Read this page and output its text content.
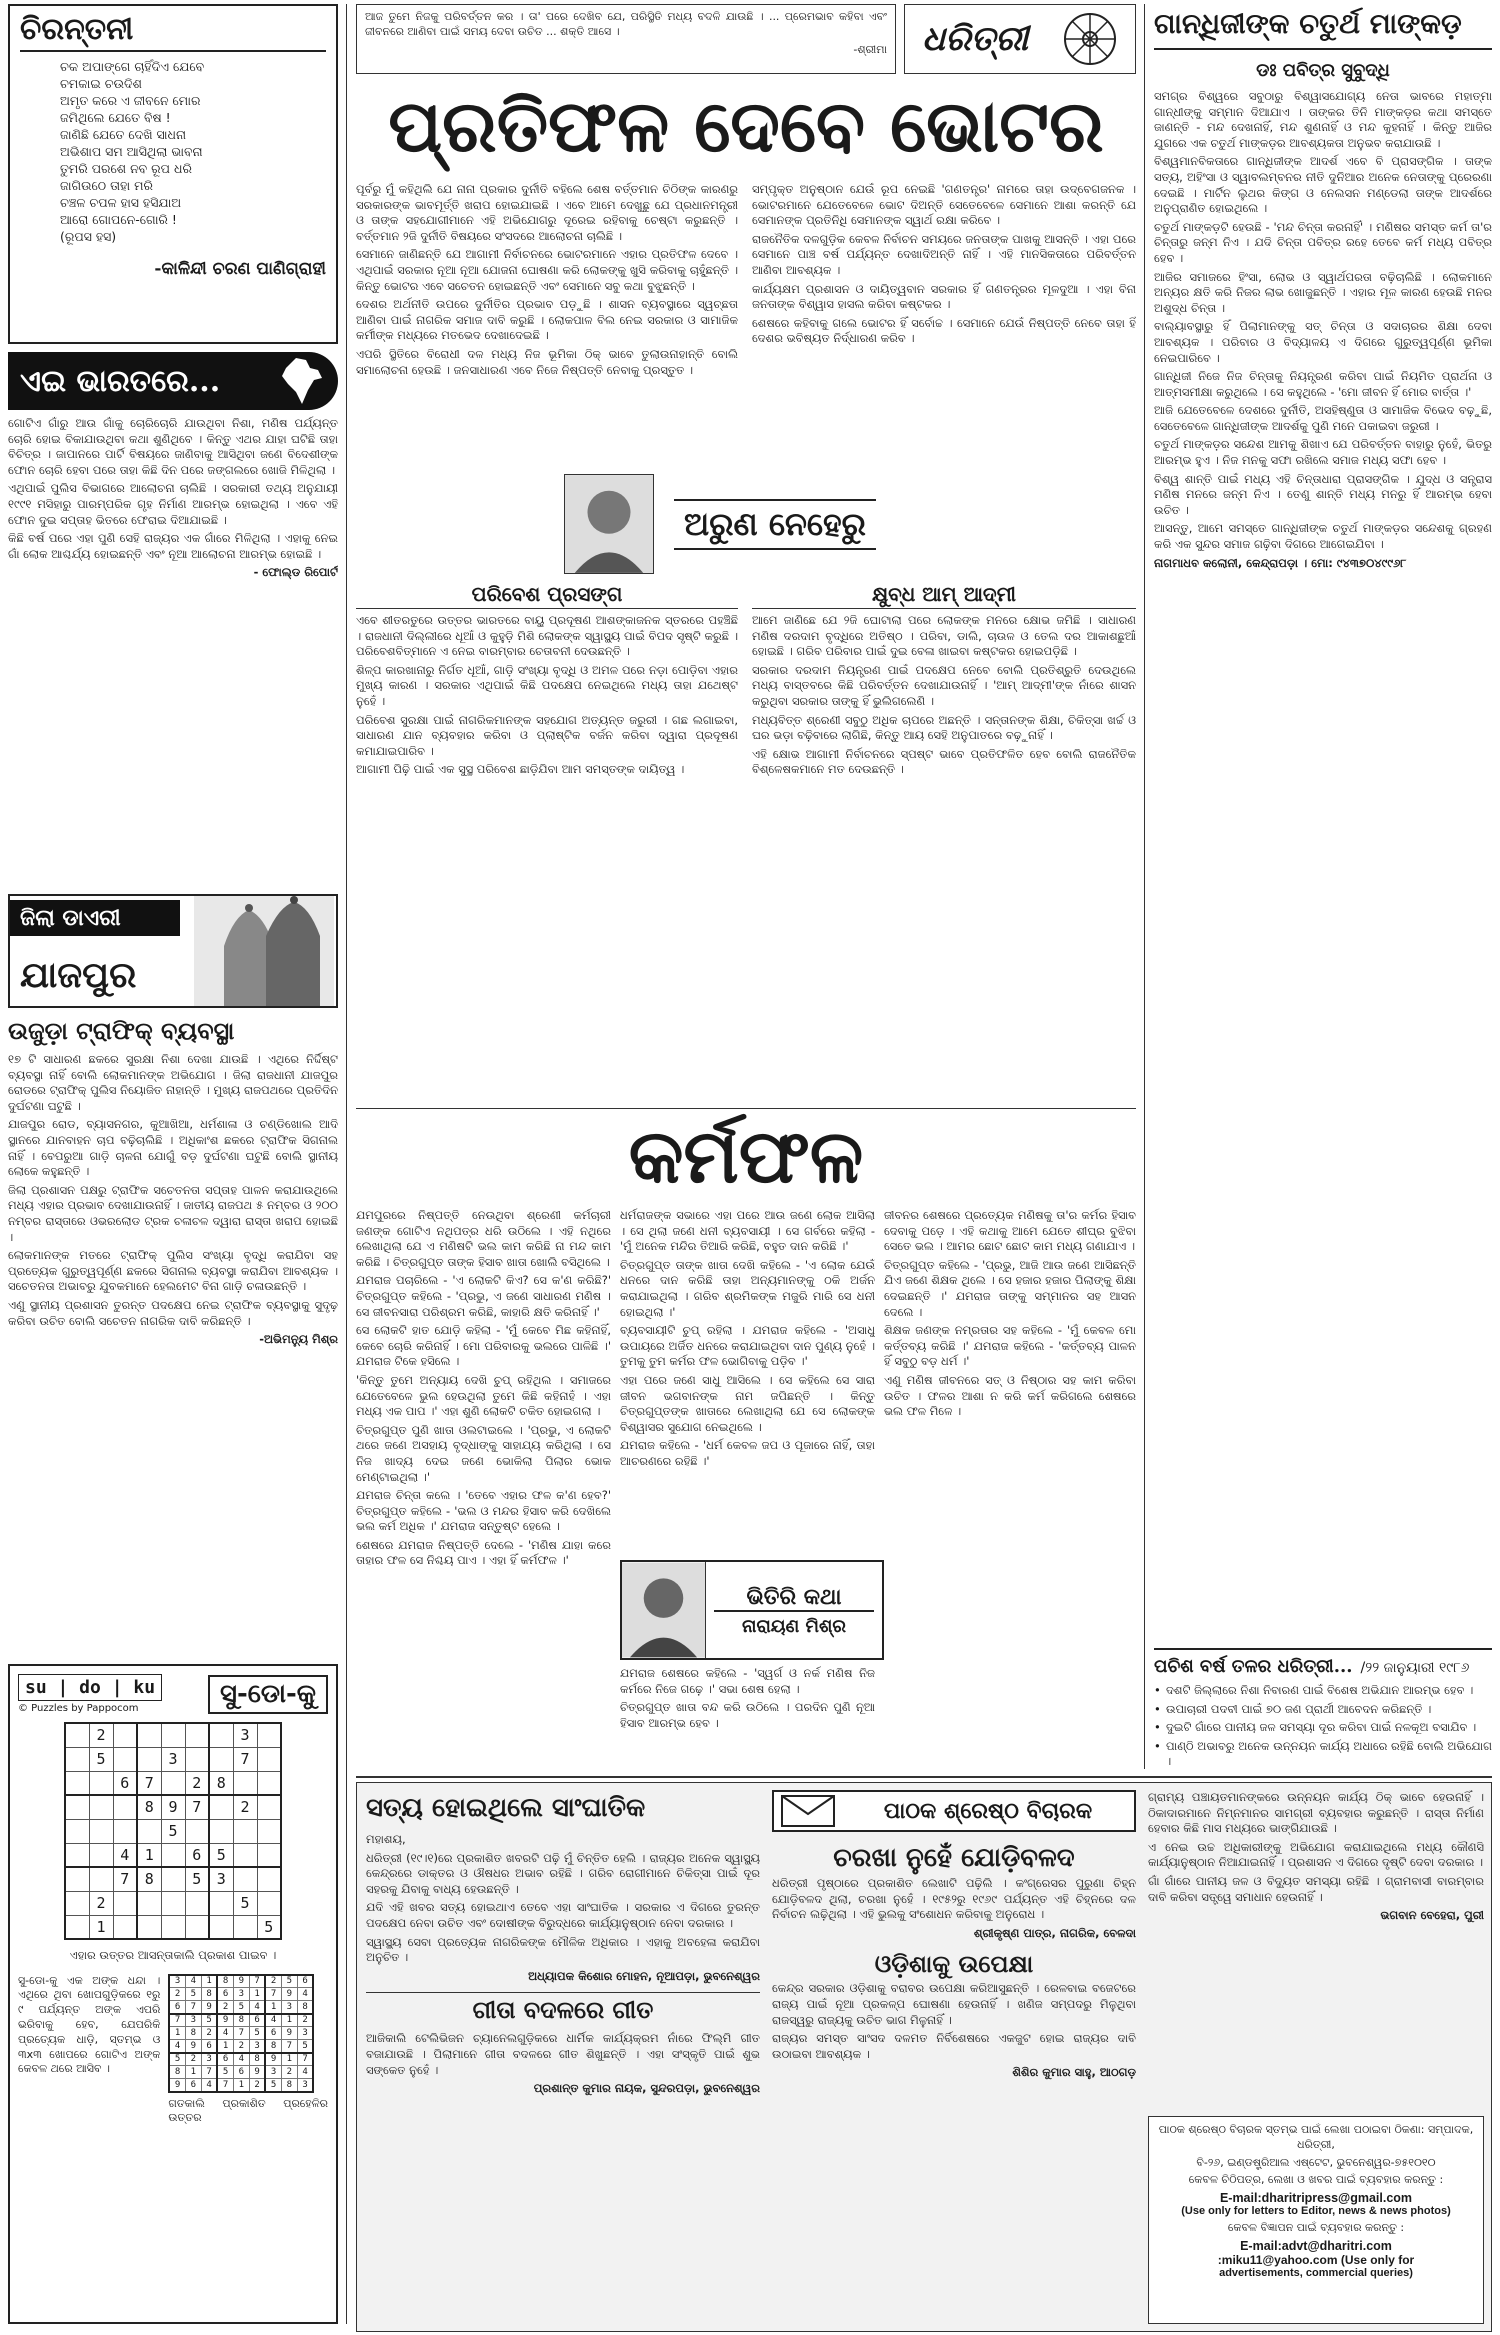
ଚିରନ୍ତନୀ
ଚକ ଅପାଙ୍ଗେ ଚାହିଁଦିଏ ଯେବେ
ଚମକାଇ ଚଉଦିଶ
ଅମୃତ କରେ ଏ ଜୀବନେ ମୋର
ଜମିଥିଲେ ଯେତେ ବିଷ !
ଜାଣିଛି ଯେତେ ଦେଖି ସାଧନା
ଅଭିଶାପ ସମ ଆସିଥିଲା ଭାବନା
ତୁମରି ପରଶେ ନବ ରୂପ ଧରି
ଜାଗିଉଠେ ତାହା ମରି
ଚଞ୍ଚଳ ଚପଳ ହାସ ହସିଯାଅ
ଆରୋ ଗୋପନେ-ଗୋରି !
(ରୂପସ ହସ)
-କାଳିନ୍ଦୀ ଚରଣ ପାଣିଗ୍ରାହୀ
ଏଇ ଭାରତରେ...
ଗୋଟିଏ ଗାଁରୁ ଆଉ ଗାଁକୁ ଚୋରିଚୋରି ଯାଉଥିବା ନିଶା, ମଣିଷ ପର୍ଯ୍ୟନ୍ତ ଚୋରି ହୋଇ ବିକାଯାଉଥିବା କଥା ଶୁଣିଥିବେ । କିନ୍ତୁ ଏଥର ଯାହା ଘଟିଛି ତାହା ବିଚିତ୍ର । ଜାପାନରେ ପାର୍ଟି ବିଷୟରେ ଜାଣିବାକୁ ଆସିଥିବା ଜଣେ ବିଦେଶୀଙ୍କ ଫୋନ ଚୋରି ହେବା ପରେ ତାହା କିଛି ଦିନ ପରେ ଜଙ୍ଗଲରେ ଖୋଜି ମିଳିଥିଲା ।
ଏଥିପାଇଁ ପୁଲିସ ବିଭାଗରେ ଆଲୋଚନା ଚାଲିଛି । ସରକାରୀ ତଥ୍ୟ ଅନୁଯାୟୀ ୧୯୯୧ ମସିହାରୁ ପାରମ୍ପରିକ ଗୃହ ନିର୍ମାଣ ଆରମ୍ଭ ହୋଇଥିଲା । ଏବେ ଏହି ଫୋନ ଦୁଇ ସପ୍ତାହ ଭିତରେ ଫେରାଇ ଦିଆଯାଇଛି ।
କିଛି ବର୍ଷ ପରେ ଏହା ପୁଣି ସେହି ରାଜ୍ୟର ଏକ ଗାଁରେ ମିଳିଥିଲା । ଏହାକୁ ନେଇ ଗାଁ ଲୋକ ଆଶ୍ଚର୍ଯ୍ୟ ହୋଇଛନ୍ତି ଏବଂ ନୂଆ ଆଲୋଚନା ଆରମ୍ଭ ହୋଇଛି ।
- ଫୋଲ୍ଡ ରିପୋର୍ଟ
ଜିଲା ଡାଏରୀ
ଯାଜପୁର
ଉଜୁଡ଼ା ଟ୍ରାଫିକ୍ ବ୍ୟବସ୍ଥା
୧୭ ଟି ସାଧାରଣ ଛକରେ ସୁରକ୍ଷା ନିଶା ଦେଖା ଯାଉଛି । ଏଥିରେ ନିର୍ଦ୍ଦିଷ୍ଟ ବ୍ୟବସ୍ଥା ନାହିଁ ବୋଲି ଲୋକମାନଙ୍କ ଅଭିଯୋଗ । ଜିଲା ରାଜଧାନୀ ଯାଜପୁର ରୋଡରେ ଟ୍ରାଫିକ୍ ପୁଲିସ ନିୟୋଜିତ ନାହାନ୍ତି । ମୁଖ୍ୟ ରାଜପଥରେ ପ୍ରତିଦିନ ଦୁର୍ଘଟଣା ଘଟୁଛି ।
ଯାଜପୁର ରୋଡ, ବ୍ୟାସନଗର, କୁଆଖିଆ, ଧର୍ମଶାଳା ଓ ଚଣ୍ଡିଖୋଲ ଆଦି ସ୍ଥାନରେ ଯାନବାହନ ଚାପ ବଢ଼ିଚାଲିଛି । ଅଧିକାଂଶ ଛକରେ ଟ୍ରାଫିକ ସିଗନାଲ ନାହିଁ । ବେପରୁଆ ଗାଡ଼ି ଚାଳନା ଯୋଗୁଁ ବଡ଼ ଦୁର୍ଘଟଣା ଘଟୁଛି ବୋଲି ସ୍ଥାନୀୟ ଲୋକେ କହୁଛନ୍ତି ।
ଜିଲା ପ୍ରଶାସନ ପକ୍ଷରୁ ଟ୍ରାଫିକ ସଚେତନତା ସପ୍ତାହ ପାଳନ କରାଯାଉଥିଲେ ମଧ୍ୟ ଏହାର ପ୍ରଭାବ ଦେଖାଯାଉନାହିଁ । ଜାତୀୟ ରାଜପଥ ୫ ନମ୍ବର ଓ ୨୦୦ ନମ୍ବର ରାସ୍ତାରେ ଓଭରଲୋଡ ଟ୍ରକ ଚଳାଚଳ ଦ୍ୱାରା ରାସ୍ତା ଖରାପ ହୋଇଛି ।
ଲୋକମାନଙ୍କ ମତରେ ଟ୍ରାଫିକ୍ ପୁଲିସ ସଂଖ୍ୟା ବୃଦ୍ଧି କରାଯିବା ସହ ପ୍ରତ୍ୟେକ ଗୁରୁତ୍ୱପୂର୍ଣ୍ଣ ଛକରେ ସିଗନାଲ ବ୍ୟବସ୍ଥା କରାଯିବା ଆବଶ୍ୟକ । ସଚେତନତା ଅଭାବରୁ ଯୁବକମାନେ ହେଲମେଟ ବିନା ଗାଡ଼ି ଚଳାଉଛନ୍ତି ।
ଏଣୁ ସ୍ଥାନୀୟ ପ୍ରଶାସନ ତୁରନ୍ତ ପଦକ୍ଷେପ ନେଇ ଟ୍ରାଫିକ ବ୍ୟବସ୍ଥାକୁ ସୁଦୃଢ଼ କରିବା ଉଚିତ ବୋଲି ସଚେତନ ନାଗରିକ ଦାବି କରିଛନ୍ତି ।
-ଅଭିମନ୍ୟୁ ମିଶ୍ର
su | do | ku
© Puzzles by Pappocom	ସୁ-ଡୋ-କୁ
	2						3	
	5			3			7	
		6	7		2	8		
			8	9	7		2	
				5				
		4	1		6	5		
		7	8		5	3		
	2						5	
	1							5
ଏହାର ଉତ୍ତର ଆସନ୍ତାକାଲି ପ୍ରକାଶ ପାଇବ ।
ସୁ-ଡୋ-କୁ ଏକ ଅଙ୍କ ଧନ୍ଦା । ଏଥିରେ ଥିବା ଖୋପଗୁଡ଼ିକରେ ୧ରୁ ୯ ପର୍ଯ୍ୟନ୍ତ ଅଙ୍କ ଏପରି ଭରିବାକୁ ହେବ, ଯେପରିକି ପ୍ରତ୍ୟେକ ଧାଡ଼ି, ସ୍ତମ୍ଭ ଓ ୩x୩ ଖୋପରେ ଗୋଟିଏ ଅଙ୍କ କେବଳ ଥରେ ଆସିବ ।
3	4	1	8	9	7	2	5	6
2	5	8	6	3	1	7	9	4
6	7	9	2	5	4	1	3	8
7	3	5	9	8	6	4	1	2
1	8	2	4	7	5	6	9	3
4	9	6	1	2	3	8	7	5
5	2	3	6	4	8	9	1	7
8	1	7	5	6	9	3	2	4
9	6	4	7	1	2	5	8	3
ଗତକାଲି ପ୍ରକାଶିତ ପ୍ରହେଳିର ଉତ୍ତର
ଆଜ ତୁମେ ନିଜକୁ ପରିବର୍ତ୍ତନ କର । ତା' ପରେ ଦେଖିବ ଯେ, ପରିସ୍ଥିତି ମଧ୍ୟ ବଦଳି ଯାଉଛି । ... ପ୍ରେମଭାବ କହିବା ଏବଂ ଜୀବନରେ ଆଣିବା ପାଇଁ ସମୟ ଦେବା ଉଚିତ ... ଶକ୍ତି ଆସେ ।
-ଶ୍ରୀମା ଧରିତ୍ରୀ
ପ୍ରତିଫଳ ଦେବେ ଭୋଟର
ପୂର୍ବରୁ ମୁଁ କହିଥିଲି ଯେ ନାନା ପ୍ରକାର ଦୁର୍ନୀତି ବହିଲେ ଶେଷ ବର୍ତ୍ତମାନ ଚିଠିଙ୍କ କାରଣରୁ ସରକାରଙ୍କ ଭାବମୂର୍ତ୍ତି ଖରାପ ହୋଇଯାଇଛି । ଏବେ ଆମେ ଦେଖୁଛୁ ଯେ ପ୍ରଧାନମନ୍ତ୍ରୀ ଓ ତାଙ୍କ ସହଯୋଗୀମାନେ ଏହି ଅଭିଯୋଗରୁ ଦୂରେଇ ରହିବାକୁ ଚେଷ୍ଟା କରୁଛନ୍ତି । ବର୍ତ୍ତମାନ ୨ଜି ଦୁର୍ନୀତି ବିଷୟରେ ସଂସଦରେ ଆଲୋଚନା ଚାଲିଛି ।
ସେମାନେ ଜାଣିଛନ୍ତି ଯେ ଆଗାମୀ ନିର୍ବାଚନରେ ଭୋଟରମାନେ ଏହାର ପ୍ରତିଫଳ ଦେବେ । ଏଥିପାଇଁ ସରକାର ନୂଆ ନୂଆ ଯୋଜନା ଘୋଷଣା କରି ଲୋକଙ୍କୁ ଖୁସି କରିବାକୁ ଚାହୁଁଛନ୍ତି । କିନ୍ତୁ ଭୋଟର ଏବେ ସଚେତନ ହୋଇଛନ୍ତି ଏବଂ ସେମାନେ ସବୁ କଥା ବୁଝୁଛନ୍ତି ।
ଦେଶର ଅର୍ଥନୀତି ଉପରେ ଦୁର୍ନୀତିର ପ୍ରଭାବ ପଡ଼ୁଛି । ଶାସନ ବ୍ୟବସ୍ଥାରେ ସ୍ୱଚ୍ଛତା ଆଣିବା ପାଇଁ ନାଗରିକ ସମାଜ ଦାବି କରୁଛି । ଲୋକପାଳ ବିଲ ନେଇ ସରକାର ଓ ସାମାଜିକ କର୍ମୀଙ୍କ ମଧ୍ୟରେ ମତଭେଦ ଦେଖାଦେଇଛି ।
ଏପରି ସ୍ଥିତିରେ ବିରୋଧୀ ଦଳ ମଧ୍ୟ ନିଜ ଭୂମିକା ଠିକ୍ ଭାବେ ତୁଲାଉନାହାନ୍ତି ବୋଲି ସମାଲୋଚନା ହେଉଛି । ଜନସାଧାରଣ ଏବେ ନିଜେ ନିଷ୍ପତ୍ତି ନେବାକୁ ପ୍ରସ୍ତୁତ ।
ସମ୍ପୃକ୍ତ ଅନୁଷ୍ଠାନ ଯେଉଁ ରୂପ ନେଇଛି 'ଗଣତନ୍ତ୍ର' ନାମରେ ତାହା ଉଦ୍‌ବେଗଜନକ । ଭୋଟରମାନେ ଯେତେବେଳେ ଭୋଟ ଦିଅନ୍ତି ସେତେବେଳେ ସେମାନେ ଆଶା କରନ୍ତି ଯେ ସେମାନଙ୍କ ପ୍ରତିନିଧି ସେମାନଙ୍କ ସ୍ୱାର୍ଥ ରକ୍ଷା କରିବେ ।
ରାଜନୈତିକ ଦଳଗୁଡ଼ିକ କେବଳ ନିର୍ବାଚନ ସମୟରେ ଜନତାଙ୍କ ପାଖକୁ ଆସନ୍ତି । ଏହା ପରେ ସେମାନେ ପାଞ୍ଚ ବର୍ଷ ପର୍ଯ୍ୟନ୍ତ ଦେଖାଦିଅନ୍ତି ନାହିଁ । ଏହି ମାନସିକତାରେ ପରିବର୍ତ୍ତନ ଆଣିବା ଆବଶ୍ୟକ ।
କାର୍ଯ୍ୟକ୍ଷମ ପ୍ରଶାସନ ଓ ଦାୟିତ୍ୱବାନ ସରକାର ହିଁ ଗଣତନ୍ତ୍ରର ମୂଳଦୁଆ । ଏହା ବିନା ଜନତାଙ୍କ ବିଶ୍ୱାସ ହାସଲ କରିବା କଷ୍ଟକର ।
ଶେଷରେ କହିବାକୁ ଗଲେ ଭୋଟର ହିଁ ସର୍ବୋଚ୍ଚ । ସେମାନେ ଯେଉଁ ନିଷ୍ପତ୍ତି ନେବେ ତାହା ହିଁ ଦେଶର ଭବିଷ୍ୟତ ନିର୍ଦ୍ଧାରଣ କରିବ ।
ଅରୁଣ ନେହେରୁ
ପରିବେଶ ପ୍ରସଙ୍ଗ
ଏବେ ଶୀତରତୁରେ ଉତ୍ତର ଭାରତରେ ବାୟୁ ପ୍ରଦୂଷଣ ଆଶଙ୍କାଜନକ ସ୍ତରରେ ପହଞ୍ଚିଛି । ରାଜଧାନୀ ଦିଲ୍ଲୀରେ ଧୂଆଁ ଓ କୁହୁଡ଼ି ମିଶି ଲୋକଙ୍କ ସ୍ୱାସ୍ଥ୍ୟ ପାଇଁ ବିପଦ ସୃଷ୍ଟି କରୁଛି । ପରିବେଶବିତ୍‌ମାନେ ଏ ନେଇ ବାରମ୍ବାର ଚେତାବନୀ ଦେଉଛନ୍ତି ।
ଶିଳ୍ପ କାରଖାନାରୁ ନିର୍ଗତ ଧୂଆଁ, ଗାଡ଼ି ସଂଖ୍ୟା ବୃଦ୍ଧି ଓ ଅମଳ ପରେ ନଡ଼ା ପୋଡ଼ିବା ଏହାର ମୁଖ୍ୟ କାରଣ । ସରକାର ଏଥିପାଇଁ କିଛି ପଦକ୍ଷେପ ନେଇଥିଲେ ମଧ୍ୟ ତାହା ଯଥେଷ୍ଟ ନୁହେଁ ।
ପରିବେଶ ସୁରକ୍ଷା ପାଇଁ ନାଗରିକମାନଙ୍କ ସହଯୋଗ ଅତ୍ୟନ୍ତ ଜରୁରୀ । ଗଛ ଲଗାଇବା, ସାଧାରଣ ଯାନ ବ୍ୟବହାର କରିବା ଓ ପ୍ଲାଷ୍ଟିକ ବର୍ଜନ କରିବା ଦ୍ୱାରା ପ୍ରଦୂଷଣ କମାଯାଇପାରିବ ।
ଆଗାମୀ ପିଢ଼ି ପାଇଁ ଏକ ସୁସ୍ଥ ପରିବେଶ ଛାଡ଼ିଯିବା ଆମ ସମସ୍ତଙ୍କ ଦାୟିତ୍ୱ ।
କ୍ଷୁବ୍ଧ ଆମ୍ ଆଦ୍‌ମୀ
ଆମେ ଜାଣିଛେ ଯେ ୨ଜି ଘୋଟାଲା ପରେ ଲୋକଙ୍କ ମନରେ କ୍ଷୋଭ ଜମିଛି । ସାଧାରଣ ମଣିଷ ଦରଦାମ ବୃଦ୍ଧିରେ ଅତିଷ୍ଠ । ପରିବା, ଡାଲି, ଚାଉଳ ଓ ତେଲ ଦର ଆକାଶଛୁଆଁ ହୋଇଛି । ଗରିବ ପରିବାର ପାଇଁ ଦୁଇ ବେଳା ଖାଇବା କଷ୍ଟକର ହୋଇପଡ଼ିଛି ।
ସରକାର ଦରଦାମ ନିୟନ୍ତ୍ରଣ ପାଇଁ ପଦକ୍ଷେପ ନେବେ ବୋଲି ପ୍ରତିଶ୍ରୁତି ଦେଉଥିଲେ ମଧ୍ୟ ବାସ୍ତବରେ କିଛି ପରିବର୍ତ୍ତନ ଦେଖାଯାଉନାହିଁ । 'ଆମ୍ ଆଦ୍‌ମୀ'ଙ୍କ ନାଁରେ ଶାସନ କରୁଥିବା ସରକାର ତାଙ୍କୁ ହିଁ ଭୁଲିଗଲେଣି ।
ମଧ୍ୟବିତ୍ତ ଶ୍ରେଣୀ ସବୁଠୁ ଅଧିକ ଚାପରେ ଅଛନ୍ତି । ସନ୍ତାନଙ୍କ ଶିକ୍ଷା, ଚିକିତ୍ସା ଖର୍ଚ୍ଚ ଓ ଘର ଭଡ଼ା ବଢ଼ିବାରେ ଲାଗିଛି, କିନ୍ତୁ ଆୟ ସେହି ଅନୁପାତରେ ବଢ଼ୁନାହିଁ ।
ଏହି କ୍ଷୋଭ ଆଗାମୀ ନିର୍ବାଚନରେ ସ୍ପଷ୍ଟ ଭାବେ ପ୍ରତିଫଳିତ ହେବ ବୋଲି ରାଜନୈତିକ ବିଶ୍ଳେଷକମାନେ ମତ ଦେଉଛନ୍ତି ।
କର୍ମଫଳ
ଯମପୁରରେ ନିଷ୍ପତ୍ତି ନେଉଥିବା ଶ୍ରେଣୀ କର୍ମଚାରୀ ଜଣଙ୍କ ଗୋଟିଏ ନଥିପତ୍ର ଧରି ଉଠିଲେ । ଏହି ନଥିରେ ଲେଖାଥିଲା ଯେ ଏ ମଣିଷଟି ଭଲ କାମ କରିଛି ନା ମନ୍ଦ କାମ କରିଛି । ଚିତ୍ରଗୁପ୍ତ ତାଙ୍କ ହିସାବ ଖାତା ଖୋଲି ବସିଥିଲେ ।
ଯମରାଜ ପଚାରିଲେ - 'ଏ ଲୋକଟି କିଏ? ସେ କ'ଣ କରିଛି?' ଚିତ୍ରଗୁପ୍ତ କହିଲେ - 'ପ୍ରଭୁ, ଏ ଜଣେ ସାଧାରଣ ମଣିଷ । ସେ ଜୀବନସାରା ପରିଶ୍ରମ କରିଛି, କାହାରି କ୍ଷତି କରିନାହିଁ ।'
ସେ ଲୋକଟି ହାତ ଯୋଡ଼ି କହିଲା - 'ମୁଁ କେବେ ମିଛ କହିନାହିଁ, କେବେ ଚୋରି କରିନାହିଁ । ମୋ ପରିବାରକୁ ଭଲରେ ପାଳିଛି ।' ଯମରାଜ ଟିକେ ହସିଲେ ।
'କିନ୍ତୁ ତୁମେ ଅନ୍ୟାୟ ଦେଖି ଚୁପ୍ ରହିଥିଲ । ସମାଜରେ ଯେତେବେଳେ ଭୁଲ ହେଉଥିଲା ତୁମେ କିଛି କହିନାହଁ । ଏହା ମଧ୍ୟ ଏକ ପାପ ।' ଏହା ଶୁଣି ଲୋକଟି ଚକିତ ହୋଇଗଲା ।
ଚିତ୍ରଗୁପ୍ତ ପୁଣି ଖାତା ଓଲଟାଇଲେ । 'ପ୍ରଭୁ, ଏ ଲୋକଟି ଥରେ ଜଣେ ଅସହାୟ ବୃଦ୍ଧାଙ୍କୁ ସାହାଯ୍ୟ କରିଥିଲା । ସେ ନିଜ ଖାଦ୍ୟ ଦେଇ ଜଣେ ଭୋକିଲା ପିଲାର ଭୋକ ମେଣ୍ଟାଇଥିଲା ।'
ଯମରାଜ ଚିନ୍ତା କଲେ । 'ତେବେ ଏହାର ଫଳ କ'ଣ ହେବ?' ଚିତ୍ରଗୁପ୍ତ କହିଲେ - 'ଭଲ ଓ ମନ୍ଦର ହିସାବ କରି ଦେଖିଲେ ଭଲ କର୍ମ ଅଧିକ ।' ଯମରାଜ ସନ୍ତୁଷ୍ଟ ହେଲେ ।
ଶେଷରେ ଯମରାଜ ନିଷ୍ପତ୍ତି ଦେଲେ - 'ମଣିଷ ଯାହା କରେ ତାହାର ଫଳ ସେ ନିଶ୍ଚୟ ପାଏ । ଏହା ହିଁ କର୍ମଫଳ ।'
ଧର୍ମରାଜଙ୍କ ସଭାରେ ଏହା ପରେ ଆଉ ଜଣେ ଲୋକ ଆସିଲା । ସେ ଥିଲା ଜଣେ ଧନୀ ବ୍ୟବସାୟୀ । ସେ ଗର୍ବରେ କହିଲା - 'ମୁଁ ଅନେକ ମନ୍ଦିର ତିଆରି କରିଛି, ବହୁତ ଦାନ କରିଛି ।'
ଚିତ୍ରଗୁପ୍ତ ତାଙ୍କ ଖାତା ଦେଖି କହିଲେ - 'ଏ ଲୋକ ଯେଉଁ ଧନରେ ଦାନ କରିଛି ତାହା ଅନ୍ୟମାନଙ୍କୁ ଠକି ଅର୍ଜନ କରାଯାଇଥିଲା । ଗରିବ ଶ୍ରମିକଙ୍କ ମଜୁରି ମାରି ସେ ଧନୀ ହୋଇଥିଲା ।'
ବ୍ୟବସାୟୀଟି ଚୁପ୍ ରହିଲା । ଯମରାଜ କହିଲେ - 'ଅସାଧୁ ଉପାୟରେ ଅର୍ଜିତ ଧନରେ କରାଯାଇଥିବା ଦାନ ପୁଣ୍ୟ ନୁହେଁ । ତୁମକୁ ତୁମ କର୍ମର ଫଳ ଭୋଗିବାକୁ ପଡ଼ିବ ।'
ଏହା ପରେ ଜଣେ ସାଧୁ ଆସିଲେ । ସେ କହିଲେ ସେ ସାରା ଜୀବନ ଭଗବାନଙ୍କ ନାମ ଜପିଛନ୍ତି । କିନ୍ତୁ ଚିତ୍ରଗୁପ୍ତଙ୍କ ଖାତାରେ ଲେଖାଥିଲା ଯେ ସେ ଲୋକଙ୍କ ବିଶ୍ୱାସର ସୁଯୋଗ ନେଇଥିଲେ ।
ଯମରାଜ କହିଲେ - 'ଧର୍ମ କେବଳ ଜପ ଓ ପୂଜାରେ ନାହିଁ, ତାହା ଆଚରଣରେ ରହିଛି ।'
ଜୀବନର ଶେଷରେ ପ୍ରତ୍ୟେକ ମଣିଷକୁ ତା'ର କର୍ମର ହିସାବ ଦେବାକୁ ପଡ଼େ । ଏହି କଥାକୁ ଆମେ ଯେତେ ଶୀଘ୍ର ବୁଝିବା ସେତେ ଭଲ । ଆମର ଛୋଟ ଛୋଟ କାମ ମଧ୍ୟ ଗଣାଯାଏ ।
ଚିତ୍ରଗୁପ୍ତ କହିଲେ - 'ପ୍ରଭୁ, ଆଜି ଆଉ ଜଣେ ଆସିଛନ୍ତି ଯିଏ ଜଣେ ଶିକ୍ଷକ ଥିଲେ । ସେ ହଜାର ହଜାର ପିଲାଙ୍କୁ ଶିକ୍ଷା ଦେଇଛନ୍ତି ।' ଯମରାଜ ତାଙ୍କୁ ସମ୍ମାନର ସହ ଆସନ ଦେଲେ ।
ଶିକ୍ଷକ ଜଣଙ୍କ ନମ୍ରତାର ସହ କହିଲେ - 'ମୁଁ କେବଳ ମୋ କର୍ତ୍ତବ୍ୟ କରିଛି ।' ଯମରାଜ କହିଲେ - 'କର୍ତ୍ତବ୍ୟ ପାଳନ ହିଁ ସବୁଠୁ ବଡ଼ ଧର୍ମ ।'
ଏଣୁ ମଣିଷ ଜୀବନରେ ସତ୍ ଓ ନିଷ୍ଠାର ସହ କାମ କରିବା ଉଚିତ । ଫଳର ଆଶା ନ କରି କର୍ମ କରିଗଲେ ଶେଷରେ ଭଲ ଫଳ ମିଳେ ।
ଭିତିରି କଥା
ନାରାୟଣ ମିଶ୍ର
ଯମରାଜ ଶେଷରେ କହିଲେ - 'ସ୍ୱର୍ଗ ଓ ନର୍କ ମଣିଷ ନିଜ କର୍ମରେ ନିଜେ ଗଢ଼େ ।' ସଭା ଶେଷ ହେଲା ।
ଚିତ୍ରଗୁପ୍ତ ଖାତା ବନ୍ଦ କରି ଉଠିଲେ । ପରଦିନ ପୁଣି ନୂଆ ହିସାବ ଆରମ୍ଭ ହେବ ।
ଗାନ୍ଧିଜୀଙ୍କ ଚତୁର୍ଥ ମାଙ୍କଡ଼
ଡଃ ପବିତ୍ର ସୁବୁଦ୍ଧି
ସମଗ୍ର ବିଶ୍ୱରେ ସବୁଠାରୁ ବିଶ୍ୱାସଯୋଗ୍ୟ ନେତା ଭାବରେ ମହାତ୍ମା ଗାନ୍ଧୀଙ୍କୁ ସମ୍ମାନ ଦିଆଯାଏ । ତାଙ୍କର ତିନି ମାଙ୍କଡ଼ର କଥା ସମସ୍ତେ ଜାଣନ୍ତି - ମନ୍ଦ ଦେଖନାହିଁ, ମନ୍ଦ ଶୁଣନାହିଁ ଓ ମନ୍ଦ କୁହନାହିଁ । କିନ୍ତୁ ଆଜିର ଯୁଗରେ ଏକ ଚତୁର୍ଥ ମାଙ୍କଡ଼ର ଆବଶ୍ୟକତା ଅନୁଭବ କରାଯାଉଛି ।
ବିଶ୍ୱମାନବିକତାରେ ଗାନ୍ଧିଜୀଙ୍କ ଆଦର୍ଶ ଏବେ ବି ପ୍ରାସଙ୍ଗିକ । ତାଙ୍କ ସତ୍ୟ, ଅହିଂସା ଓ ସ୍ୱାବଲମ୍ବନର ନୀତି ଦୁନିଆର ଅନେକ ନେତାଙ୍କୁ ପ୍ରେରଣା ଦେଇଛି । ମାର୍ଟିନ ଲୁଥର କିଙ୍ଗ ଓ ନେଲସନ ମଣ୍ଡେଲା ତାଙ୍କ ଆଦର୍ଶରେ ଅନୁପ୍ରାଣିତ ହୋଇଥିଲେ ।
ଚତୁର୍ଥ ମାଙ୍କଡ଼ଟି ହେଉଛି - 'ମନ୍ଦ ଚିନ୍ତା କରନାହିଁ' । ମଣିଷର ସମସ୍ତ କର୍ମ ତା'ର ଚିନ୍ତାରୁ ଜନ୍ମ ନିଏ । ଯଦି ଚିନ୍ତା ପବିତ୍ର ରହେ ତେବେ କର୍ମ ମଧ୍ୟ ପବିତ୍ର ହେବ ।
ଆଜିର ସମାଜରେ ହିଂସା, ଲୋଭ ଓ ସ୍ୱାର୍ଥପରତା ବଢ଼ିଚାଲିଛି । ଲୋକମାନେ ଅନ୍ୟର କ୍ଷତି କରି ନିଜର ଲାଭ ଖୋଜୁଛନ୍ତି । ଏହାର ମୂଳ କାରଣ ହେଉଛି ମନର ଅଶୁଦ୍ଧ ଚିନ୍ତା ।
ବାଲ୍ୟାବସ୍ଥାରୁ ହିଁ ପିଲାମାନଙ୍କୁ ସତ୍ ଚିନ୍ତା ଓ ସଦାଚାରର ଶିକ୍ଷା ଦେବା ଆବଶ୍ୟକ । ପରିବାର ଓ ବିଦ୍ୟାଳୟ ଏ ଦିଗରେ ଗୁରୁତ୍ୱପୂର୍ଣ୍ଣ ଭୂମିକା ନେଇପାରିବେ ।
ଗାନ୍ଧିଜୀ ନିଜେ ନିଜ ଚିନ୍ତାକୁ ନିୟନ୍ତ୍ରଣ କରିବା ପାଇଁ ନିୟମିତ ପ୍ରାର୍ଥନା ଓ ଆତ୍ମସମୀକ୍ଷା କରୁଥିଲେ । ସେ କହୁଥିଲେ - 'ମୋ ଜୀବନ ହିଁ ମୋର ବାର୍ତ୍ତା ।'
ଆଜି ଯେତେବେଳେ ଦେଶରେ ଦୁର୍ନୀତି, ଅସହିଷ୍ଣୁତା ଓ ସାମାଜିକ ବିଭେଦ ବଢ଼ୁଛି, ସେତେବେଳେ ଗାନ୍ଧିଜୀଙ୍କ ଆଦର୍ଶକୁ ପୁଣି ମନେ ପକାଇବା ଜରୁରୀ ।
ଚତୁର୍ଥ ମାଙ୍କଡ଼ର ସନ୍ଦେଶ ଆମକୁ ଶିଖାଏ ଯେ ପରିବର୍ତ୍ତନ ବାହାରୁ ନୁହେଁ, ଭିତରୁ ଆରମ୍ଭ ହୁଏ । ନିଜ ମନକୁ ସଫା ରଖିଲେ ସମାଜ ମଧ୍ୟ ସଫା ହେବ ।
ବିଶ୍ୱ ଶାନ୍ତି ପାଇଁ ମଧ୍ୟ ଏହି ଚିନ୍ତାଧାରା ପ୍ରାସଙ୍ଗିକ । ଯୁଦ୍ଧ ଓ ସନ୍ତ୍ରାସ ମଣିଷ ମନରେ ଜନ୍ମ ନିଏ । ତେଣୁ ଶାନ୍ତି ମଧ୍ୟ ମନରୁ ହିଁ ଆରମ୍ଭ ହେବା ଉଚିତ ।
ଆସନ୍ତୁ, ଆମେ ସମସ୍ତେ ଗାନ୍ଧିଜୀଙ୍କ ଚତୁର୍ଥ ମାଙ୍କଡ଼ର ସନ୍ଦେଶକୁ ଗ୍ରହଣ କରି ଏକ ସୁନ୍ଦର ସମାଜ ଗଢ଼ିବା ଦିଗରେ ଆଗେଇଯିବା ।
ନାଗମାଧବ କଲୋନୀ, କେନ୍ଦ୍ରାପଡ଼ା । ମୋ: ୯୪୩୭୦୪୯୯୬୮
ପଚିଶ ବର୍ଷ ତଳର ଧରିତ୍ରୀ... /୨୨ ଜାନୁୟାରୀ ୧୯୮୬
• ଦଶଟି ଜିଲ୍ଲାରେ ନିଶା ନିବାରଣ ପାଇଁ ବିଶେଷ ଅଭିଯାନ ଆରମ୍ଭ ହେବ ।
• ଉପାଚାରୀ ପଦବୀ ପାଇଁ ୭୦ ଜଣ ପ୍ରାର୍ଥୀ ଆବେଦନ କରିଛନ୍ତି ।
• ଦୁଇଟି ଗାଁରେ ପାନୀୟ ଜଳ ସମସ୍ୟା ଦୂର କରିବା ପାଇଁ ନଳକୂଅ ବସାଯିବ ।
• ପାଣ୍ଠି ଅଭାବରୁ ଅନେକ ଉନ୍ନୟନ କାର୍ଯ୍ୟ ଅଧାରେ ରହିଛି ବୋଲି ଅଭିଯୋଗ ।
ସତ୍ୟ ହୋଇଥିଲେ ସାଂଘାତିକ
ମହାଶୟ,
ଧରିତ୍ରୀ (୧୯।୧)ରେ ପ୍ରକାଶିତ ଖବରଟି ପଢ଼ି ମୁଁ ଚିନ୍ତିତ ହେଲି । ରାଜ୍ୟର ଅନେକ ସ୍ୱାସ୍ଥ୍ୟ କେନ୍ଦ୍ରରେ ଡାକ୍ତର ଓ ଔଷଧର ଅଭାବ ରହିଛି । ଗରିବ ରୋଗୀମାନେ ଚିକିତ୍ସା ପାଇଁ ଦୂର ସହରକୁ ଯିବାକୁ ବାଧ୍ୟ ହେଉଛନ୍ତି ।
ଯଦି ଏହି ଖବର ସତ୍ୟ ହୋଇଥାଏ ତେବେ ଏହା ସାଂଘାତିକ । ସରକାର ଏ ଦିଗରେ ତୁରନ୍ତ ପଦକ୍ଷେପ ନେବା ଉଚିତ ଏବଂ ଦୋଷୀଙ୍କ ବିରୁଦ୍ଧରେ କାର୍ଯ୍ୟାନୁଷ୍ଠାନ ନେବା ଦରକାର ।
ସ୍ୱାସ୍ଥ୍ୟ ସେବା ପ୍ରତ୍ୟେକ ନାଗରିକଙ୍କ ମୌଳିକ ଅଧିକାର । ଏହାକୁ ଅବହେଳା କରାଯିବା ଅନୁଚିତ ।
ଅଧ୍ୟାପକ କିଶୋର ମୋହନ, ନୂଆପଡ଼ା, ଭୁବନେଶ୍ୱର
ଗୀତା ବଦଳରେ ଗୀତ
ଆଜିକାଲି ଟେଲିଭିଜନ ଚ୍ୟାନେଲଗୁଡ଼ିକରେ ଧାର୍ମିକ କାର୍ଯ୍ୟକ୍ରମ ନାଁରେ ଫିଲ୍ମି ଗୀତ ବଜାଯାଉଛି । ପିଲାମାନେ ଗୀତା ବଦଳରେ ଗୀତ ଶିଖୁଛନ୍ତି । ଏହା ସଂସ୍କୃତି ପାଇଁ ଶୁଭ ସଙ୍କେତ ନୁହେଁ ।
ପ୍ରଶାନ୍ତ କୁମାର ନାୟକ, ସୁନ୍ଦରପଡ଼ା, ଭୁବନେଶ୍ୱର
ପାଠକ ଶ୍ରେଷ୍ଠ ବିଚାରକ
ଚରଖା ନୁହେଁ ଯୋଡ଼ିବଳଦ
ଧରିତ୍ରୀ ପୃଷ୍ଠାରେ ପ୍ରକାଶିତ ଲେଖାଟି ପଢ଼ିଲି । କଂଗ୍ରେସର ପୁରୁଣା ଚିହ୍ନ ଯୋଡ଼ିବଳଦ ଥିଲା, ଚରଖା ନୁହେଁ । ୧୯୫୨ରୁ ୧୯୬୯ ପର୍ଯ୍ୟନ୍ତ ଏହି ଚିହ୍ନରେ ଦଳ ନିର୍ବାଚନ ଲଢ଼ିଥିଲା । ଏହି ଭୁଲକୁ ସଂଶୋଧନ କରିବାକୁ ଅନୁରୋଧ ।
ଶ୍ରୀକୃଷ୍ଣ ପାତ୍ର, ନାଗରିକ, ବେଳଦା
ଓଡ଼ିଶାକୁ ଉପେକ୍ଷା
କେନ୍ଦ୍ର ସରକାର ଓଡ଼ିଶାକୁ ବରାବର ଉପେକ୍ଷା କରିଆସୁଛନ୍ତି । ରେଳବାଇ ବଜେଟରେ ରାଜ୍ୟ ପାଇଁ ନୂଆ ପ୍ରକଳ୍ପ ଘୋଷଣା ହେଉନାହିଁ । ଖଣିଜ ସମ୍ପଦରୁ ମିଳୁଥିବା ରାଜସ୍ୱରୁ ରାଜ୍ୟକୁ ଉଚିତ ଭାଗ ମିଳୁନାହିଁ ।
ରାଜ୍ୟର ସମସ୍ତ ସାଂସଦ ଦଳମତ ନିର୍ବିଶେଷରେ ଏକଜୁଟ ହୋଇ ରାଜ୍ୟର ଦାବି ଉଠାଇବା ଆବଶ୍ୟକ ।
ଶିଶିର କୁମାର ସାହୁ, ଆଠଗଡ଼
ଗ୍ରାମ୍ୟ ପଞ୍ଚାୟତମାନଙ୍କରେ ଉନ୍ନୟନ କାର୍ଯ୍ୟ ଠିକ୍ ଭାବେ ହେଉନାହିଁ । ଠିକାଦାରମାନେ ନିମ୍ନମାନର ସାମଗ୍ରୀ ବ୍ୟବହାର କରୁଛନ୍ତି । ରାସ୍ତା ନିର୍ମାଣ ହେବାର କିଛି ମାସ ମଧ୍ୟରେ ଭାଙ୍ଗିଯାଉଛି ।
ଏ ନେଇ ଉଚ୍ଚ ଅଧିକାରୀଙ୍କୁ ଅଭିଯୋଗ କରାଯାଇଥିଲେ ମଧ୍ୟ କୌଣସି କାର୍ଯ୍ୟାନୁଷ୍ଠାନ ନିଆଯାଇନାହିଁ । ପ୍ରଶାସନ ଏ ଦିଗରେ ଦୃଷ୍ଟି ଦେବା ଦରକାର ।
ଗାଁ ଗାଁରେ ପାନୀୟ ଜଳ ଓ ବିଦ୍ୟୁତ ସମସ୍ୟା ରହିଛି । ଗ୍ରାମବାସୀ ବାରମ୍ବାର ଦାବି କରିବା ସତ୍ତ୍ୱେ ସମାଧାନ ହେଉନାହିଁ ।
ଭଗବାନ ବେହେରା, ପୁରୀ
ପାଠକ ଶ୍ରେଷ୍ଠ ବିଚାରକ ସ୍ତମ୍ଭ ପାଇଁ ଲେଖା ପଠାଇବା ଠିକଣା: ସମ୍ପାଦକ, ଧରିତ୍ରୀ,
ବି-୨୬, ଇଣ୍ଡଷ୍ଟ୍ରିଆଲ ଏଷ୍ଟେଟ, ଭୁବନେଶ୍ୱର-୭୫୧୦୧୦
କେବଳ ଚିଠିପତ୍ର, ଲେଖା ଓ ଖବର ପାଇଁ ବ୍ୟବହାର କରନ୍ତୁ :
E-mail:dharitripress@gmail.com
(Use only for letters to Editor, news & news photos)
କେବଳ ବିଜ୍ଞାପନ ପାଇଁ ବ୍ୟବହାର କରନ୍ତୁ :
E-mail:advt@dharitri.com
:miku11@yahoo.com (Use only for
advertisements, commercial queries)
